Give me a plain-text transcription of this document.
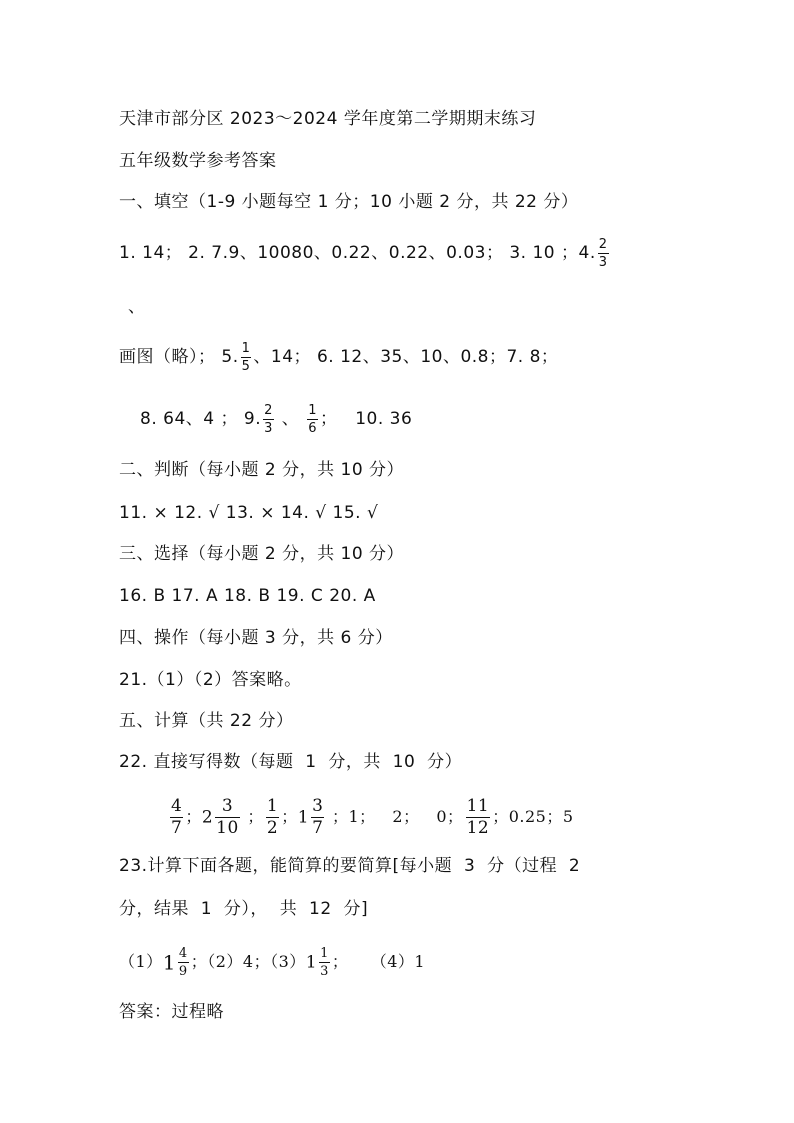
天津市部分区 2023～2024 学年度第二学期期末练习
五年级数学参考答案
一、填空（1-9 小题每空 1 分；10 小题 2 分，共 22 分）
1. 14； 2. 7.9、10080、0.22、0.22、0.03； 3. 10 ；4. $\frac{2}{3}$
、
画图（略）； 5. $\frac{1}{5}$ 、14； 6. 12、35、10、0.8；7. 8；
8. 64、4 ； 9. $\frac{2}{3}$ 、 $\frac{1}{6}$ ；   10. 36
二、判断（每小题 2 分，共 10 分）
11. × 12. √ 13. × 14. √ 15. √
三、选择（每小题 2 分，共 10 分）
16. B 17. A 18. B 19. C 20. A
四、操作（每小题 3 分，共 6 分）
21.（1）（2）答案略。
五、计算（共 22 分）
22. 直接写得数（每题  1  分，共  10  分）
$\frac{4}{7}$ ；$2 \frac{3}{10}$ ； $\frac{1}{2}$ ；$1 \frac{3}{7}$ ；1；   2；   0； $\frac{11}{12}$ ；0.25；5
23.计算下面各题，能简算的要简算[每小题  3  分（过程  2
分，结果  1  分），  共  12  分]
$(1)1 \frac{4}{9}$ ；（2）4；$(3)1 \frac{1}{3}$ ；    （4）1
答案：过程略
